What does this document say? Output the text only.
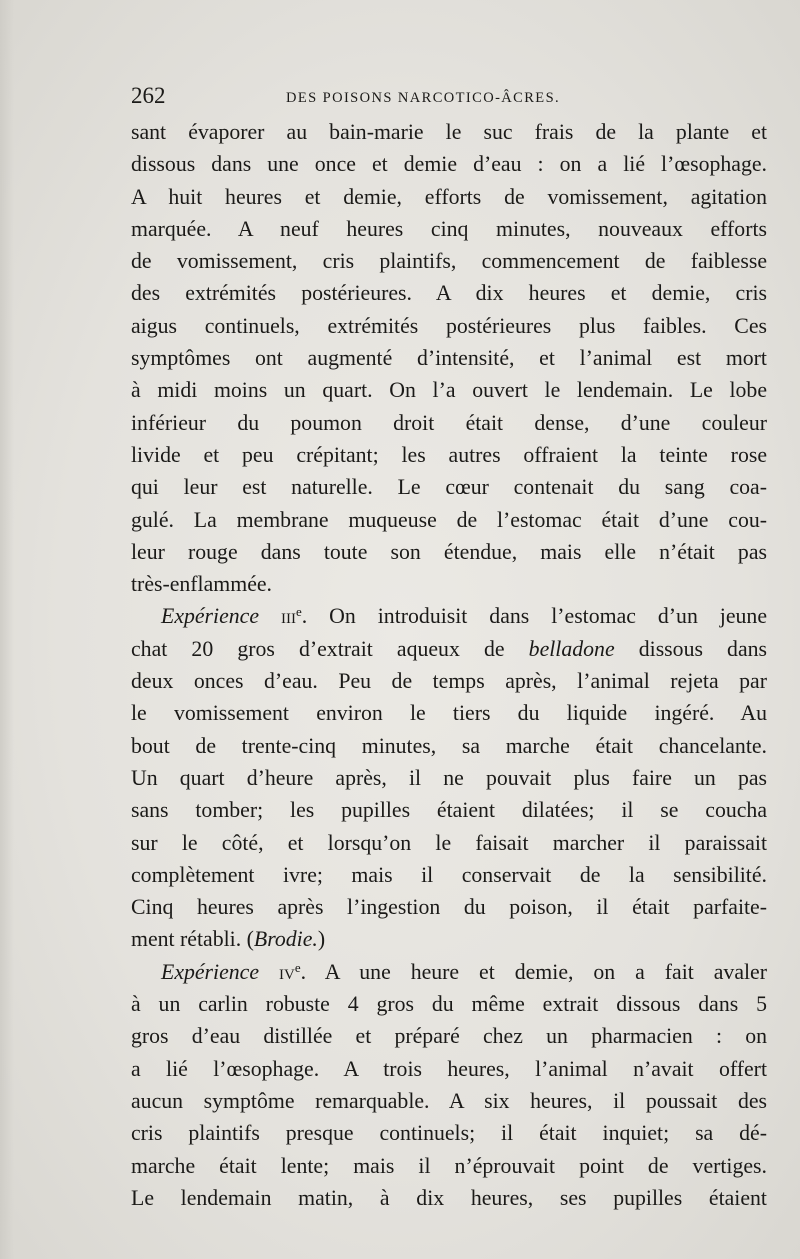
262	DES POISONS NARCOTICO-ÂCRES.
sant évaporer au bain-marie le suc frais de la plante et
dissous dans une once et demie d’eau : on a lié l’œsophage.
A huit heures et demie, efforts de vomissement, agitation
marquée. A neuf heures cinq minutes, nouveaux efforts
de vomissement, cris plaintifs, commencement de faiblesse
des extrémités postérieures. A dix heures et demie, cris
aigus continuels, extrémités postérieures plus faibles. Ces
symptômes ont augmenté d’intensité, et l’animal est mort
à midi moins un quart. On l’a ouvert le lendemain. Le lobe
inférieur du poumon droit était dense, d’une couleur
livide et peu crépitant; les autres offraient la teinte rose
qui leur est naturelle. Le cœur contenait du sang coa-
gulé. La membrane muqueuse de l’estomac était d’une cou-
leur rouge dans toute son étendue, mais elle n’était pas
très-enflammée.
Expérience iii$^e$. On introduisit dans l’estomac d’un jeune
chat 20 gros d’extrait aqueux de belladone dissous dans
deux onces d’eau. Peu de temps après, l’animal rejeta par
le vomissement environ le tiers du liquide ingéré. Au
bout de trente-cinq minutes, sa marche était chancelante.
Un quart d’heure après, il ne pouvait plus faire un pas
sans tomber; les pupilles étaient dilatées; il se coucha
sur le côté, et lorsqu’on le faisait marcher il paraissait
complètement ivre; mais il conservait de la sensibilité.
Cinq heures après l’ingestion du poison, il était parfaite-
ment rétabli. (Brodie.)
Expérience $iv^e$. A une heure et demie, on a fait avaler
à un carlin robuste 4 gros du même extrait dissous dans 5
gros d’eau distillée et préparé chez un pharmacien : on
a lié l’œsophage. A trois heures, l’animal n’avait offert
aucun symptôme remarquable. A six heures, il poussait des
cris plaintifs presque continuels; il était inquiet; sa dé-
marche était lente; mais il n’éprouvait point de vertiges.
Le lendemain matin, à dix heures, ses pupilles étaient
